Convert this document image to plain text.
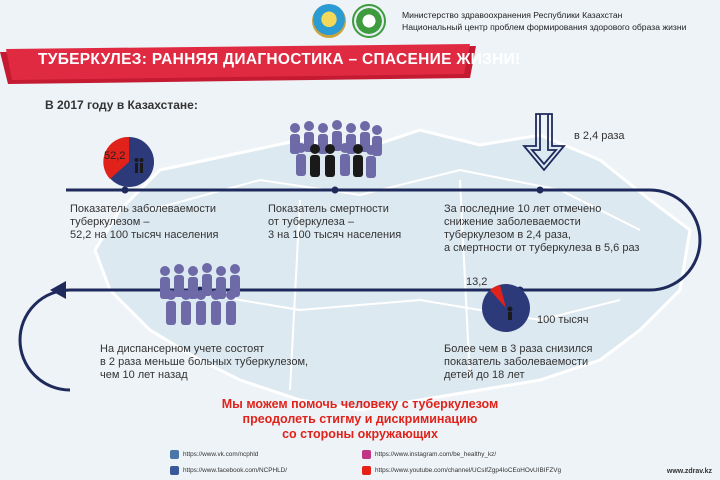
Министерство здравоохранения Республики Казахстан
Национальный центр проблем формирования здорового образа жизни
ТУБЕРКУЛЕЗ: РАННЯЯ ДИАГНОСТИКА – СПАСЕНИЕ ЖИЗНИ!
В 2017 году в Казахстане:
52,2
Показатель заболеваемости
туберкулезом –
52,2 на 100 тысяч населения
Показатель смертности
от туберкулеза –
3 на 100 тысяч населения
в 2,4 раза
За последние 10 лет отмечено
снижение заболеваемости
туберкулезом в 2,4 раза,
а смертности от туберкулеза в 5,6 раз
На диспансерном учете состоят
в 2 раза меньше больных туберкулезом,
чем 10 лет назад
13,2
100 тысяч
Более чем в 3 раза снизился
показатель заболеваемости
детей до 18 лет
Мы можем помочь человеку с туберкулезом
преодолеть стигму и дискриминацию
со стороны окружающих
https://www.vk.com/ncphld
https://www.facebook.com/NCPHLD/
https://www.instagram.com/be_healthy_kz/
https://www.youtube.com/channel/UCsIfZgp4IoCEoHOvUIBIFZVg	www.zdrav.kz
